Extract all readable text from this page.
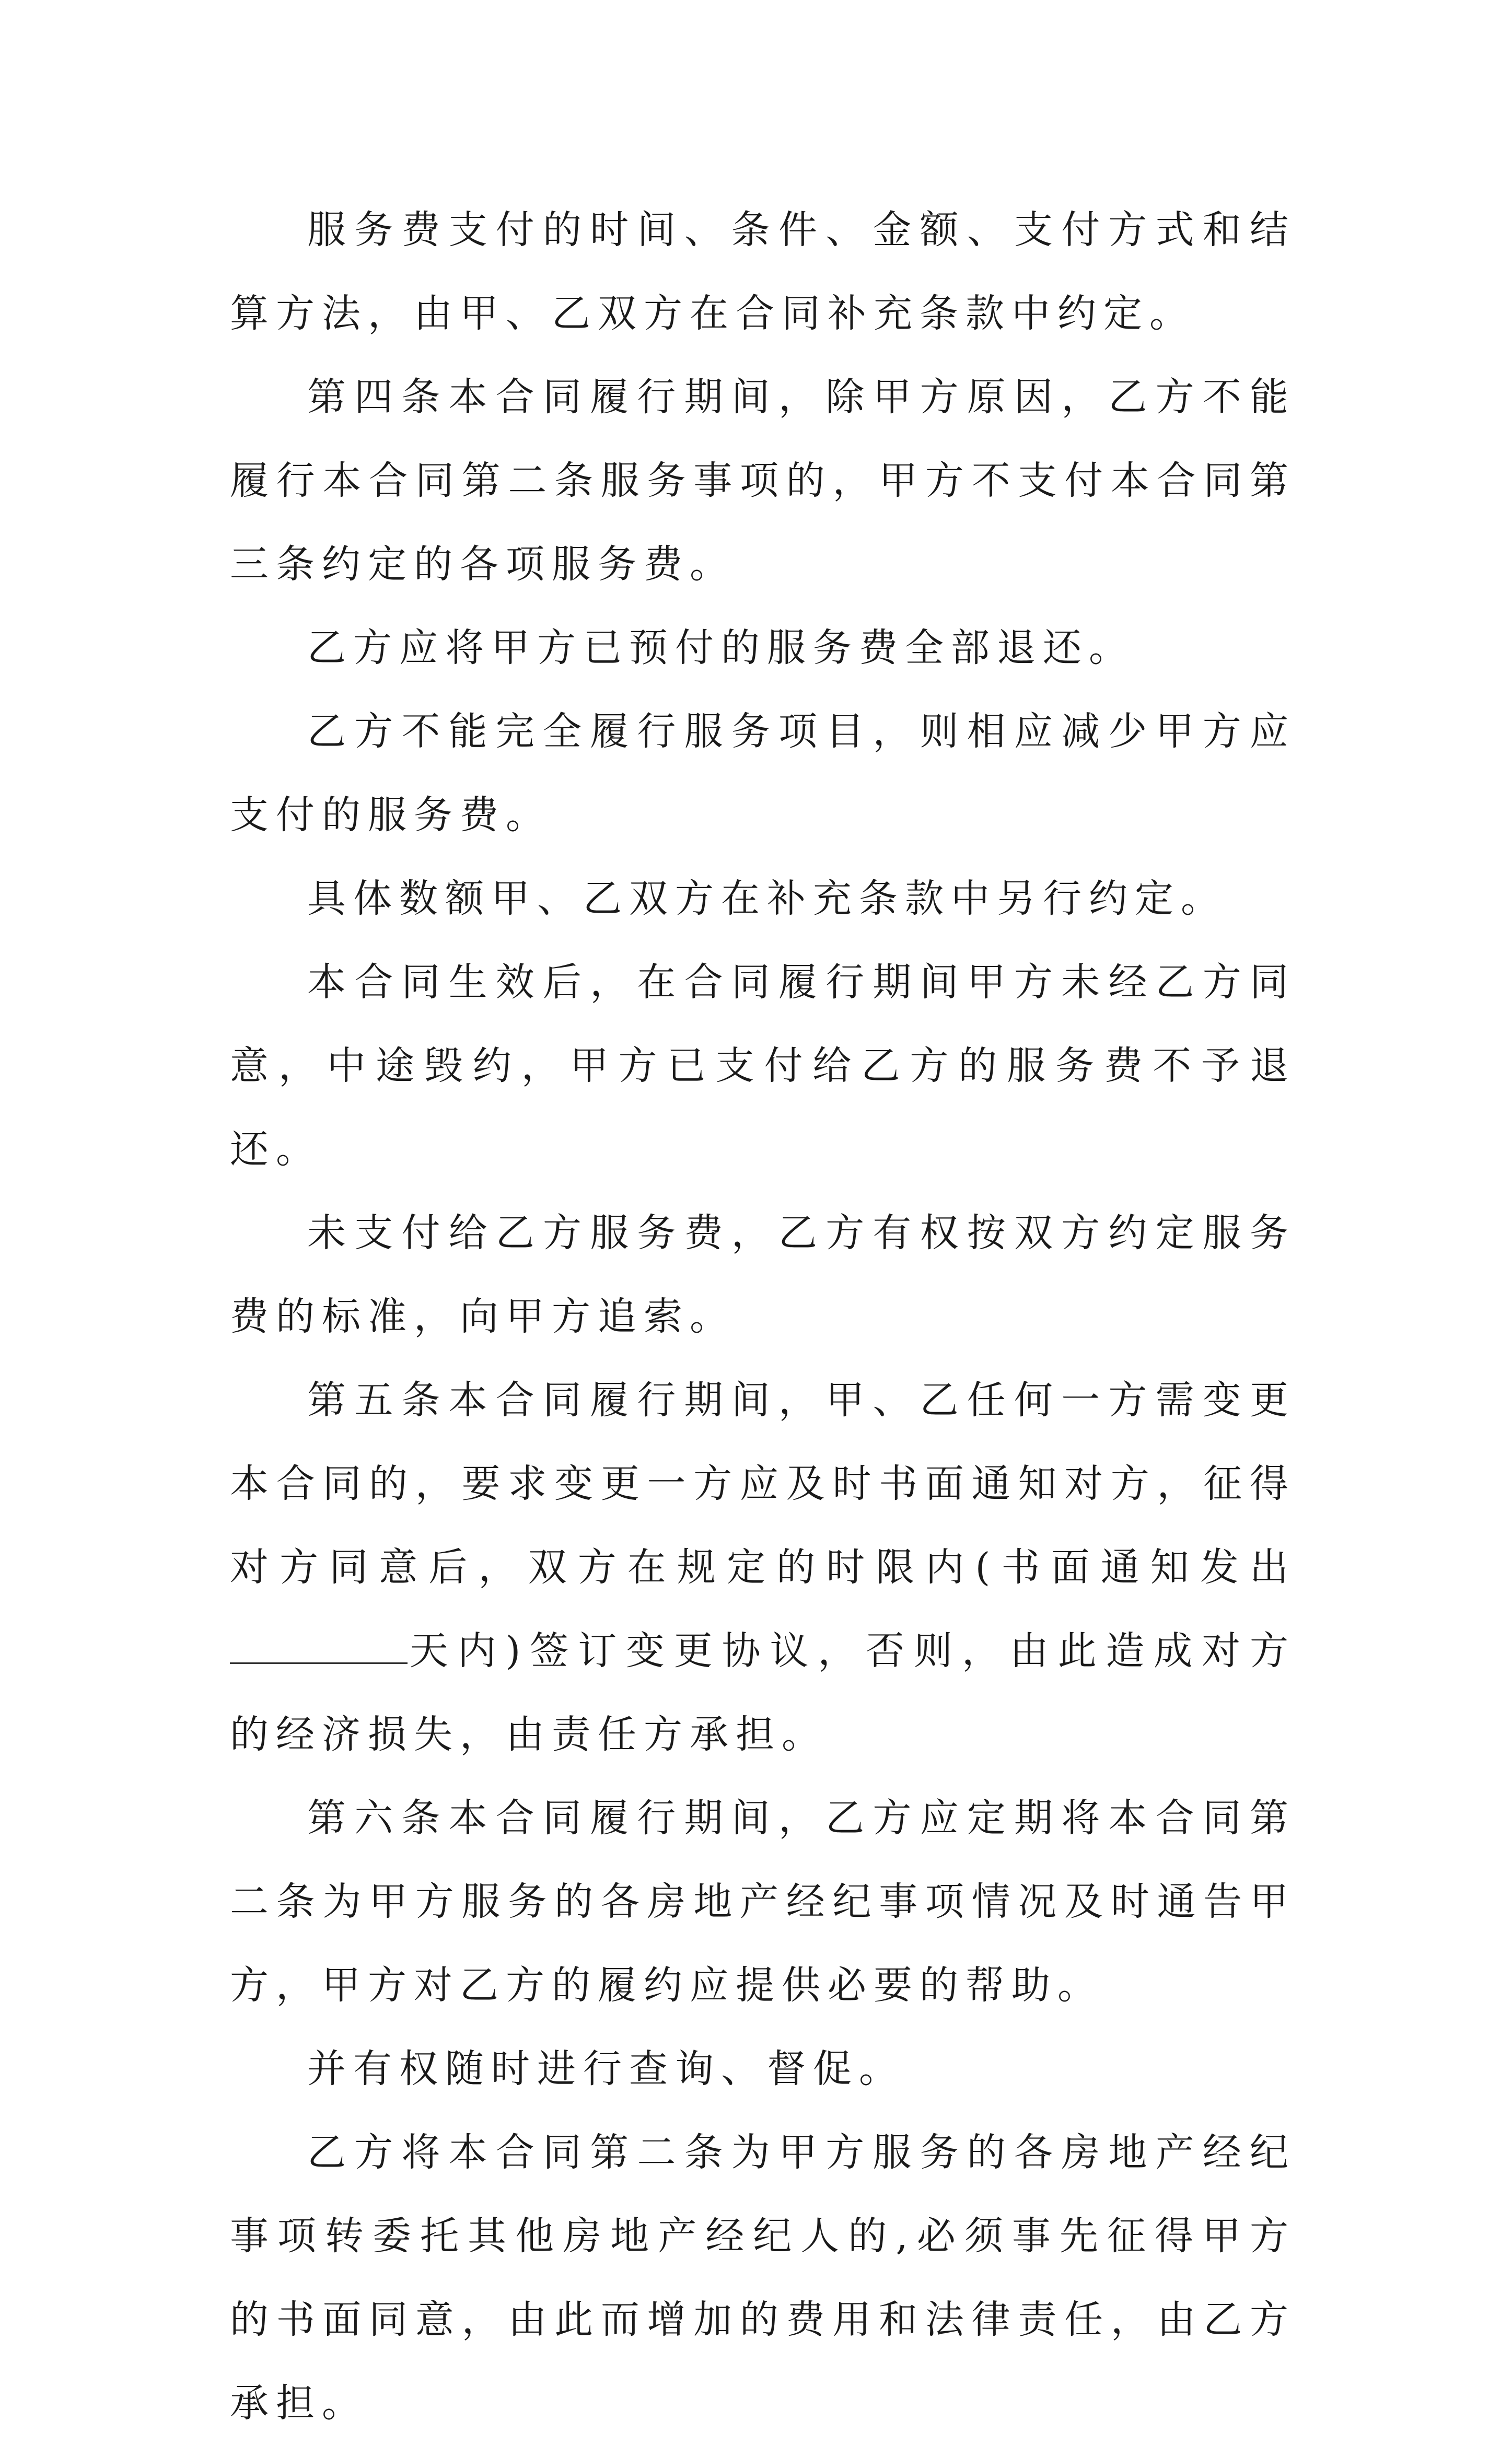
服务费支付的时间、条件、金额、支付方式和结算方法，由甲、乙双方在合同补充条款中约定。

第四条本合同履行期间，除甲方原因，乙方不能履行本合同第二条服务事项的，甲方不支付本合同第三条约定的各项服务费。

乙方应将甲方已预付的服务费全部退还。

乙方不能完全履行服务项目，则相应减少甲方应支付的服务费。

具体数额甲、乙双方在补充条款中另行约定。

本合同生效后，在合同履行期间甲方未经乙方同意，中途毁约，甲方已支付给乙方的服务费不予退还。

未支付给乙方服务费，乙方有权按双方约定服务费的标准，向甲方追索。

第五条本合同履行期间，甲、乙任何一方需变更本合同的，要求变更一方应及时书面通知对方，征得对方同意后，双方在规定的时限内(书面通知发出天内)签订变更协议，否则，由此造成对方的经济损失，由责任方承担。

第六条本合同履行期间，乙方应定期将本合同第二条为甲方服务的各房地产经纪事项情况及时通告甲方，甲方对乙方的履约应提供必要的帮助。

并有权随时进行查询、督促。

乙方将本合同第二条为甲方服务的各房地产经纪事项转委托其他房地产经纪人的,必须事先征得甲方的书面同意，由此而增加的费用和法律责任，由乙方承担。
